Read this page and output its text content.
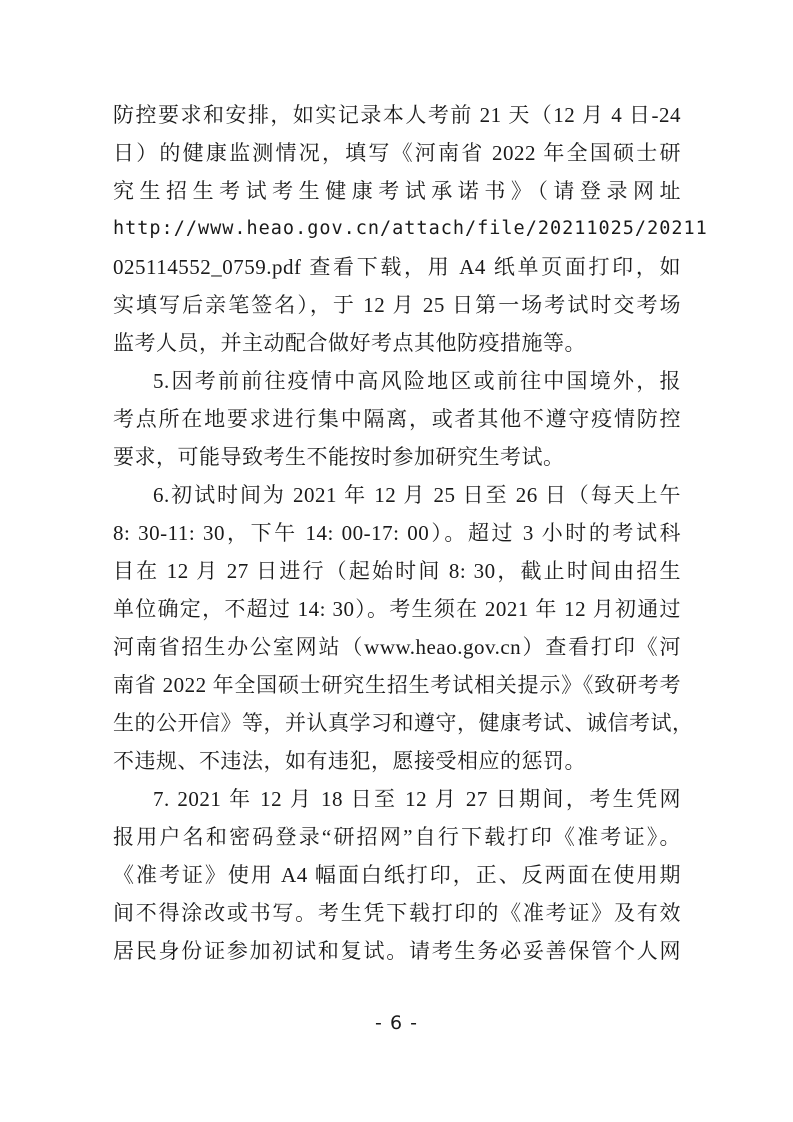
防控要求和安排，如实记录本人考前 21 天（12 月 4 日-24
日）的健康监测情况，填写《河南省 2022 年全国硕士研
究生招生考试考生健康考试承诺书》（请登录网址
http://www.heao.gov.cn/attach/file/20211025/20211
025114552_0759.pdf 查看下载，用 A4 纸单页面打印，如
实填写后亲笔签名），于 12 月 25 日第一场考试时交考场
监考人员，并主动配合做好考点其他防疫措施等。
5.因考前前往疫情中高风险地区或前往中国境外，报
考点所在地要求进行集中隔离，或者其他不遵守疫情防控
要求，可能导致考生不能按时参加研究生考试。
6.初试时间为 2021 年 12 月 25 日至 26 日（每天上午
8: 30-11: 30，下午 14: 00-17: 00）。超过 3 小时的考试科
目在 12 月 27 日进行（起始时间 8: 30，截止时间由招生
单位确定，不超过 14: 30）。考生须在 2021 年 12 月初通过
河南省招生办公室网站（www.heao.gov.cn）查看打印《河
南省 2022 年全国硕士研究生招生考试相关提示》《致研考考
生的公开信》等，并认真学习和遵守，健康考试、诚信考试，
不违规、不违法，如有违犯，愿接受相应的惩罚。
7. 2021 年 12 月 18 日至 12 月 27 日期间，考生凭网
报用户名和密码登录“研招网”自行下载打印《准考证》。
《准考证》使用 A4 幅面白纸打印，正、反两面在使用期
间不得涂改或书写。考生凭下载打印的《准考证》及有效
居民身份证参加初试和复试。请考生务必妥善保管个人网
- 6 -
